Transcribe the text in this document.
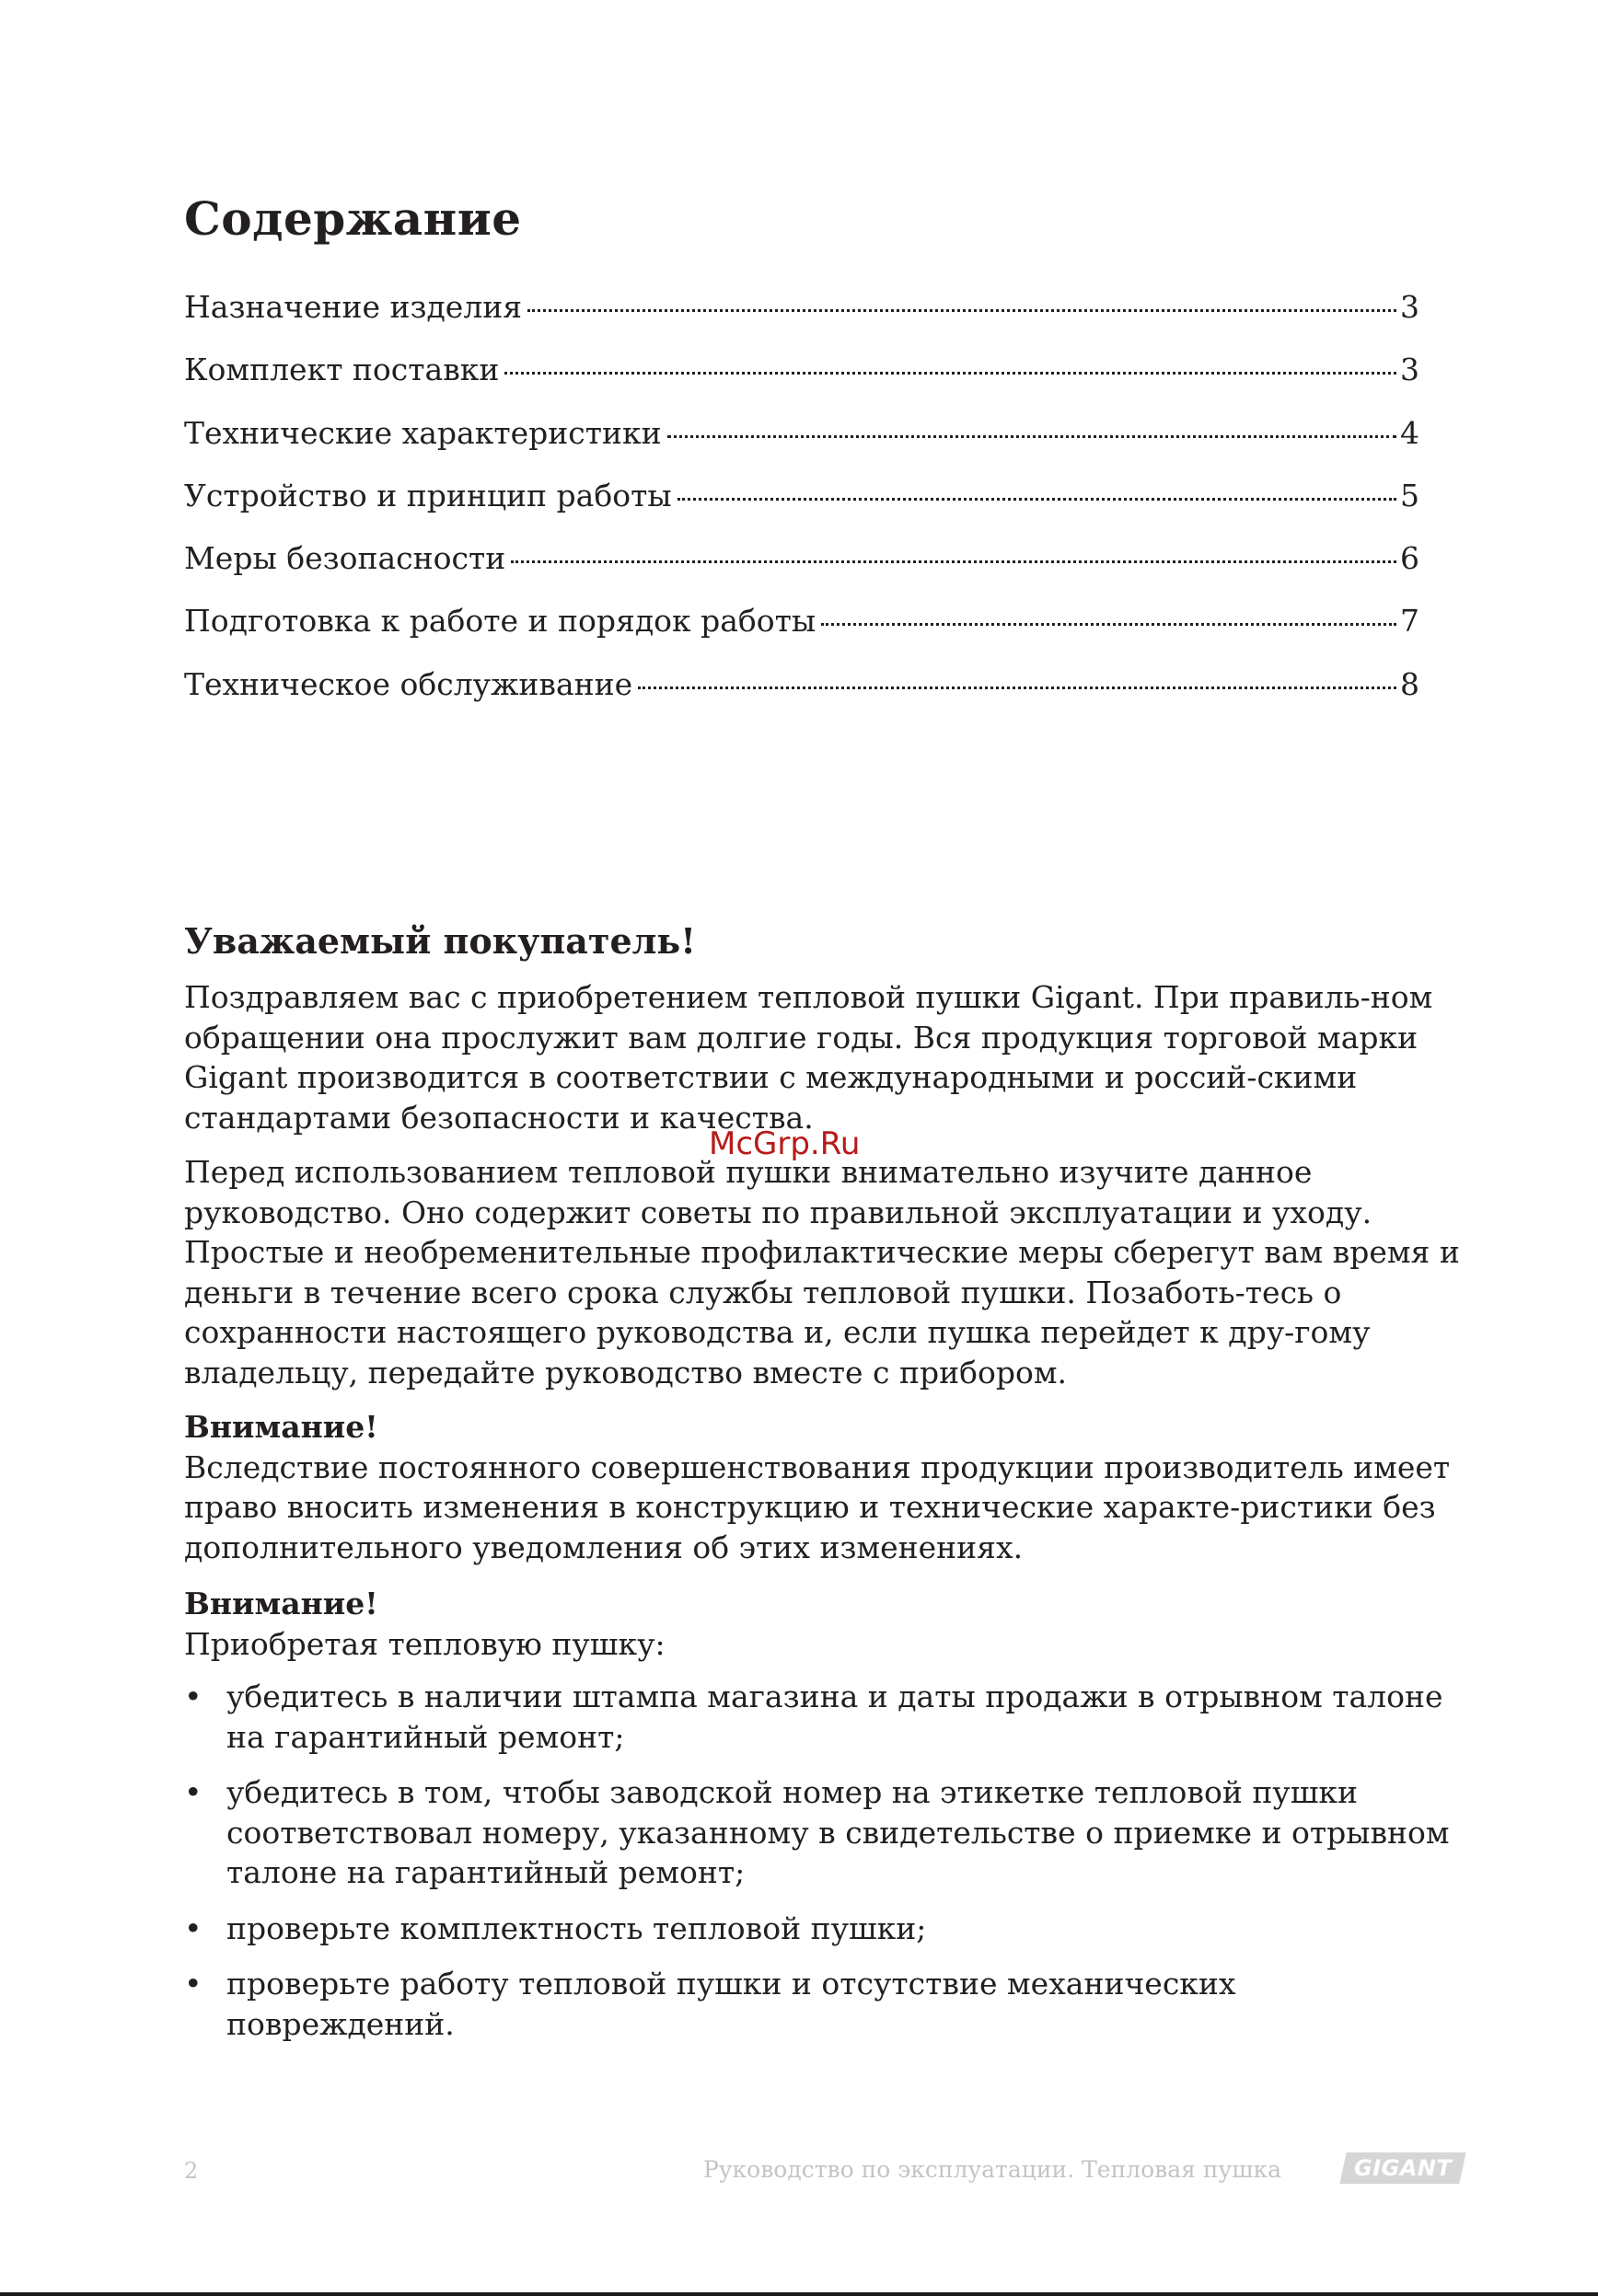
Содержание
Назначение изделия	3
Комплект поставки	3
Технические характеристики	4
Устройство и принцип работы	5
Меры безопасности	6
Подготовка к работе и порядок работы	7
Техническое обслуживание	8
Уважаемый покупатель!

Поздравляем вас с приобретением тепловой пушки Gigant. При правиль-ном обращении она прослужит вам долгие годы. Вся продукция торговой марки Gigant производится в соответствии с международными и россий-скими стандартами безопасности и качества.

Перед использованием тепловой пушки внимательно изучите данное руководство. Оно содержит советы по правильной эксплуатации и уходу. Простые и необременительные профилактические меры сберегут вам время и деньги в течение всего срока службы тепловой пушки. Позаботь-тесь о сохранности настоящего руководства и, если пушка перейдет к дру-гому владельцу, передайте руководство вместе с прибором.

Внимание!

Вследствие постоянного совершенствования продукции производитель имеет право вносить изменения в конструкцию и технические характе-ристики без дополнительного уведомления об этих изменениях.

Внимание!

Приобретая тепловую пушку:

• убедитесь в наличии штампа магазина и даты продажи в отрывном талоне на гарантийный ремонт;
• убедитесь в том, чтобы заводской номер на этикетке тепловой пушки соответствовал номеру, указанному в свидетельстве о приемке и отрывном талоне на гарантийный ремонт;
• проверьте комплектность тепловой пушки;
• проверьте работу тепловой пушки и отсутствие механических повреждений.
McGrp.Ru
2	Руководство по эксплуатации. Тепловая пушка	GIGANT
